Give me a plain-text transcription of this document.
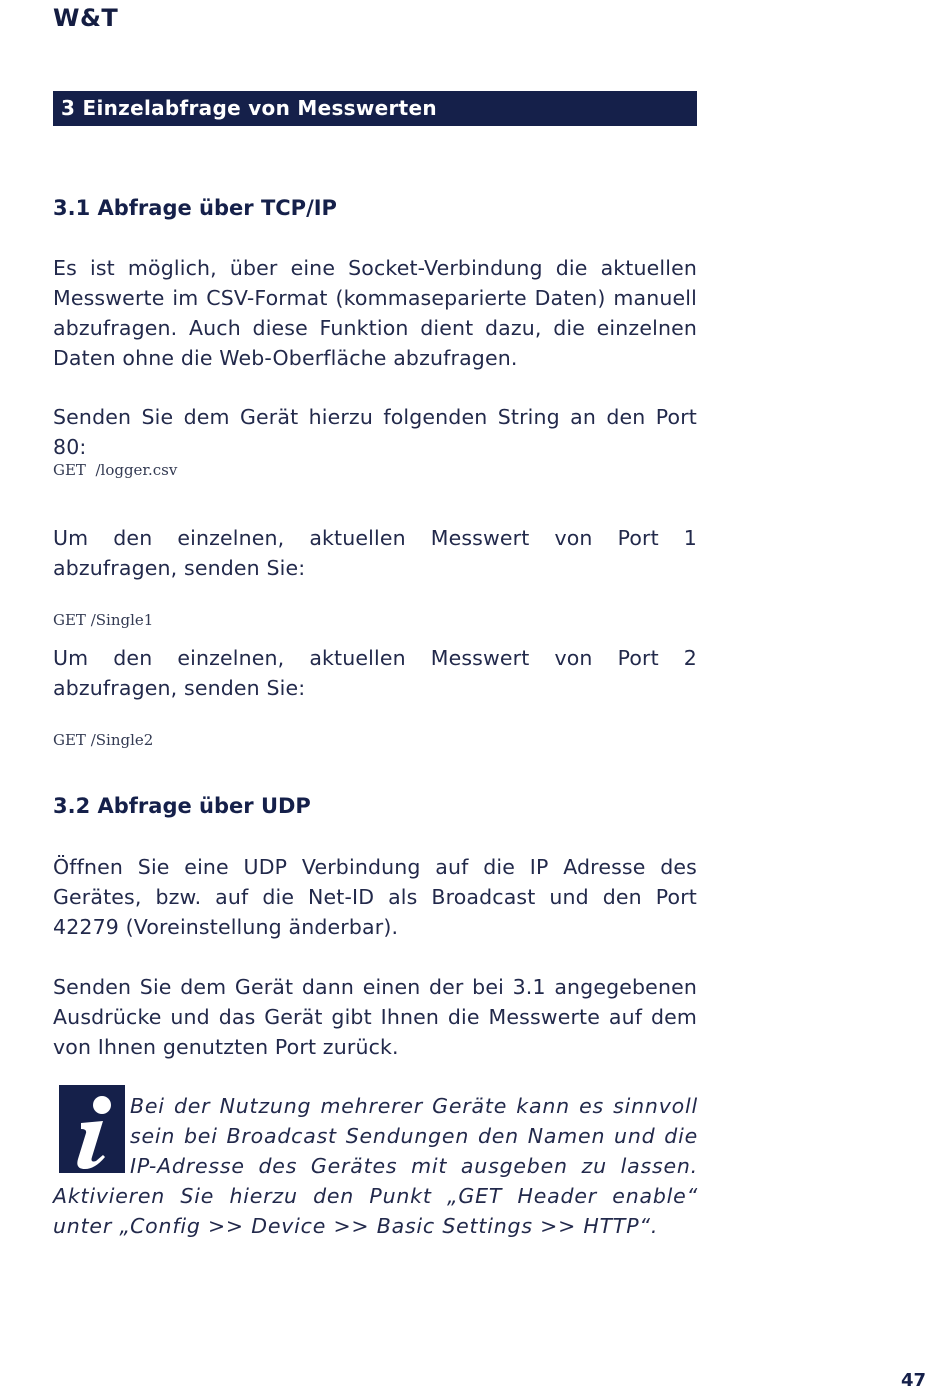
W&T
3 Einzelabfrage von Messwerten
3.1 Abfrage über TCP/IP

Es ist möglich, über eine Socket-Verbindung die aktuellen Messwerte im CSV-Format (kommaseparierte Daten) manuell abzufragen. Auch diese Funktion dient dazu, die einzelnen Daten ohne die Web-Oberfläche abzufragen.

Senden Sie dem Gerät hierzu folgenden String an den Port 80:

GET  /logger.csv

Um den einzelnen, aktuellen Messwert von Port 1 abzufragen, senden Sie:

GET /Single1

Um den einzelnen, aktuellen Messwert von Port 2 abzufragen, senden Sie:

GET /Single2
3.2 Abfrage über UDP

Öffnen Sie eine UDP Verbindung auf die IP Adresse des Gerätes, bzw. auf die Net-ID als Broadcast und den Port 42279 (Voreinstellung änderbar).

Senden Sie dem Gerät dann einen der bei 3.1 angegebenen Ausdrücke und das Gerät gibt Ihnen die Messwerte auf dem von Ihnen genutzten Port zurück.

Bei der Nutzung mehrerer Geräte kann es sinnvoll sein bei Broadcast Sendungen den Namen und die IP-Adresse des Gerätes mit ausgeben zu lassen. Aktivieren Sie hierzu den Punkt „GET Header enable“ unter „Config >> Device >> Basic Settings >> HTTP“.

47
